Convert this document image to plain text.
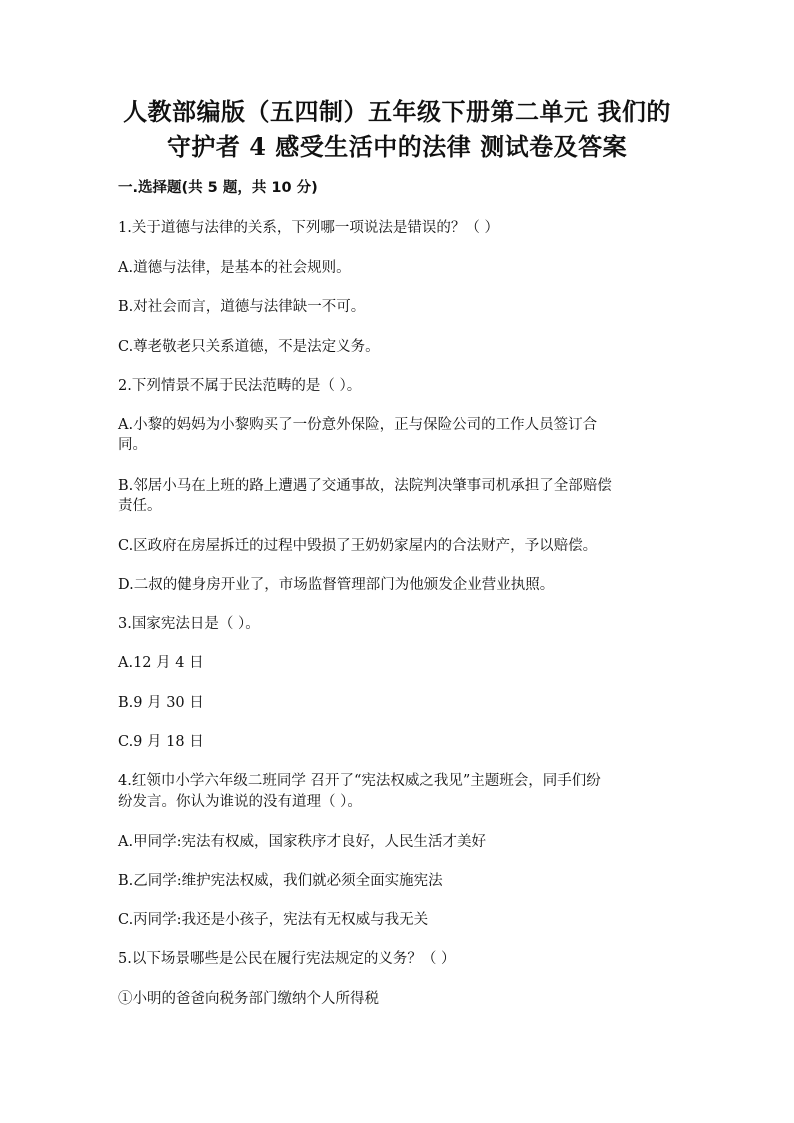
人教部编版（五四制）五年级下册第二单元 我们的
守护者 4 感受生活中的法律 测试卷及答案
一.选择题(共 5 题，共 10 分)
1.关于道德与法律的关系，下列哪一项说法是错误的？（ ）
A.道德与法律，是基本的社会规则。
B.对社会而言，道德与法律缺一不可。
C.尊老敬老只关系道德，不是法定义务。
2.下列情景不属于民法范畴的是（ ）。
A.小黎的妈妈为小黎购买了一份意外保险，正与保险公司的工作人员签订合
同。
B.邻居小马在上班的路上遭遇了交通事故，法院判决肇事司机承担了全部赔偿
责任。
C.区政府在房屋拆迁的过程中毁损了王奶奶家屋内的合法财产，予以赔偿。
D.二叔的健身房开业了，市场监督管理部门为他颁发企业营业执照。
3.国家宪法日是（ ）。
A.12 月 4 日
B.9 月 30 日
C.9 月 18 日
4.红领巾小学六年级二班同学 召开了“宪法权威之我见”主题班会，同手们纷
纷发言。你认为谁说的没有道理（ ）。
A.甲同学:宪法有权威，国家秩序才良好，人民生活才美好
B.乙同学:维护宪法权威，我们就必须全面实施宪法
C.丙同学:我还是小孩子，宪法有无权威与我无关
5.以下场景哪些是公民在履行宪法规定的义务？（ ）
①小明的爸爸向税务部门缴纳个人所得税
